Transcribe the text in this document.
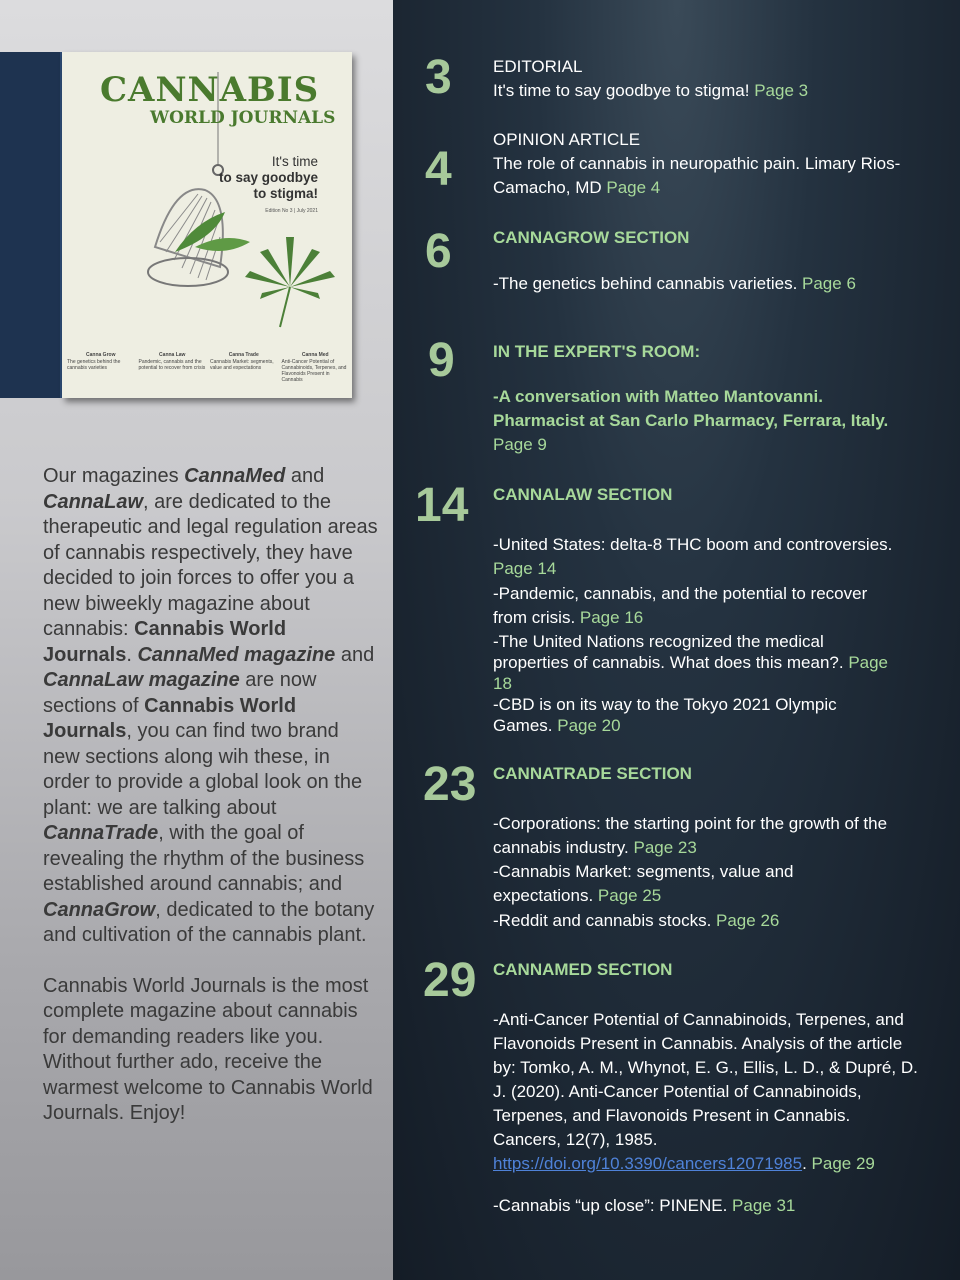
CANNABIS
WORLD JOURNALS
It's time
to say goodbye
to stigma!
Edition No 3 | July 2021
Canna Grow
The genetics behind the cannabis varieties
Canna Law
Pandemic, cannabis and the potential to recover from crisis
Canna Trade
Cannabis Market: segments, value and expectations
Canna Med
Anti-Cancer Potential of Cannabinoids, Terpenes, and Flavonoids Present in Cannabis

Our magazines CannaMed and CannaLaw, are dedicated to the therapeutic and legal regulation areas of cannabis respectively, they have decided to join forces to offer you a new biweekly magazine about cannabis: Cannabis World Journals. CannaMed magazine and CannaLaw magazine are now sections of Cannabis World Journals, you can find two brand new sections along wih these, in order to provide a global look on the plant: we are talking about CannaTrade, with the goal of revealing the rhythm of the business established around cannabis; and CannaGrow, dedicated to the botany and cultivation of the cannabis plant.

Cannabis World Journals is the most complete magazine about cannabis for demanding readers like you. Without further ado, receive the warmest welcome to Cannabis World Journals. Enjoy!

3 EDITORIAL
It's time to say goodbye to stigma! Page 3
4
OPINION ARTICLE
The role of cannabis in neuropathic pain. Limary Rios-Camacho, MD Page 4
6 CANNAGROW SECTION
-The genetics behind cannabis varieties. Page 6
9 IN THE EXPERT'S ROOM:
-A conversation with Matteo Mantovanni. Pharmacist at San Carlo Pharmacy, Ferrara, Italy. Page 9
14 CANNALAW SECTION
-United States: delta-8 THC boom and controversies. Page 14
-Pandemic, cannabis, and the potential to recover from crisis. Page 16
-The United Nations recognized the medical properties of cannabis. What does this mean?. Page 18
-CBD is on its way to the Tokyo 2021 Olympic Games. Page 20
23 CANNATRADE SECTION
-Corporations: the starting point for the growth of the cannabis industry. Page 23
-Cannabis Market: segments, value and expectations. Page 25
-Reddit and cannabis stocks. Page 26
29 CANNAMED SECTION
-Anti-Cancer Potential of Cannabinoids, Terpenes, and Flavonoids Present in Cannabis. Analysis of the article by: Tomko, A. M., Whynot, E. G., Ellis, L. D., & Dupré, D. J. (2020). Anti-Cancer Potential of Cannabinoids, Terpenes, and Flavonoids Present in Cannabis. Cancers, 12(7), 1985. https://doi.org/10.3390/cancers12071985. Page 29
-Cannabis “up close”: PINENE. Page 31
